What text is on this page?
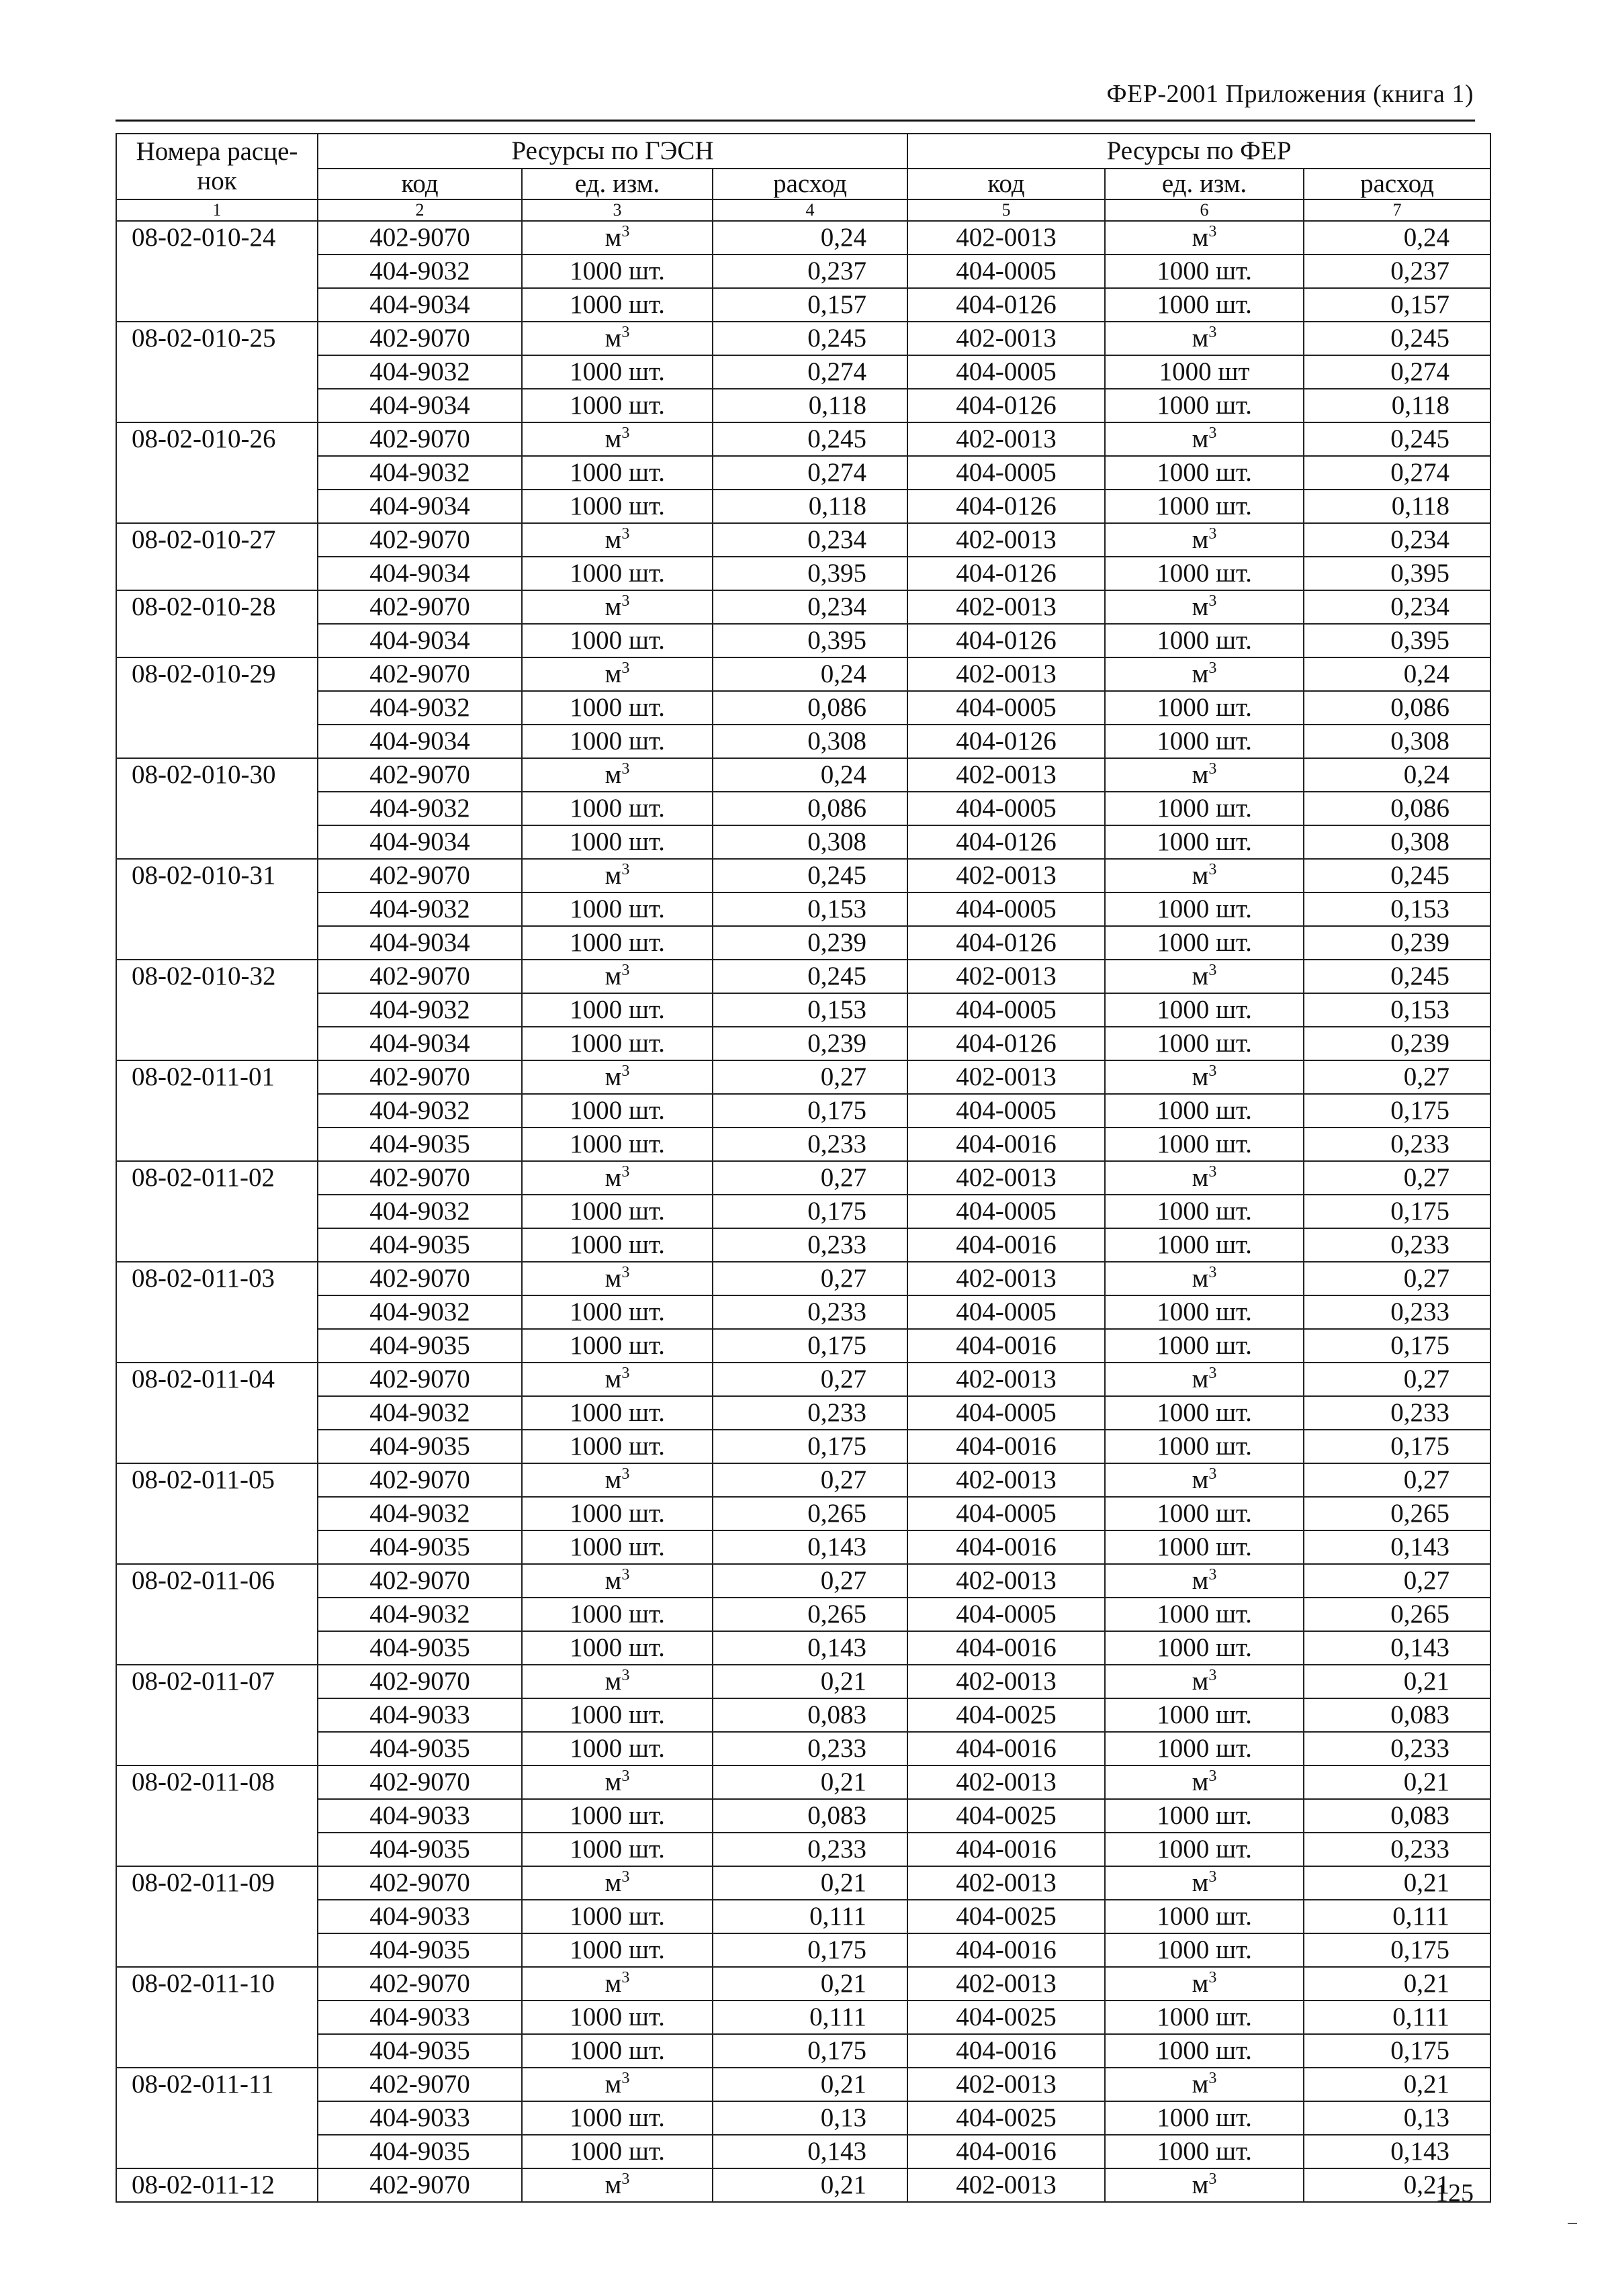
ФЕР-2001 Приложения (книга 1)
Номера расце-
нок	Ресурсы по ГЭСН			Ресурсы по ФЕР		
	код	ед. изм.	расход	код	ед. изм.	расход
1	2	3	4	5	6	7
08-02-010-24	402-9070	$м^3$	0,24	402-0013	$м^3$	0,24
	404-9032	1000 шт.	0,237	404-0005	1000 шт.	0,237
	404-9034	1000 шт.	0,157	404-0126	1000 шт.	0,157
08-02-010-25	402-9070	$м^3$	0,245	402-0013	$м^3$	0,245
	404-9032	1000 шт.	0,274	404-0005	1000 шт	0,274
	404-9034	1000 шт.	0,118	404-0126	1000 шт.	0,118
08-02-010-26	402-9070	$м^3$	0,245	402-0013	$м^3$	0,245
	404-9032	1000 шт.	0,274	404-0005	1000 шт.	0,274
	404-9034	1000 шт.	0,118	404-0126	1000 шт.	0,118
08-02-010-27	402-9070	$м^3$	0,234	402-0013	$м^3$	0,234
	404-9034	1000 шт.	0,395	404-0126	1000 шт.	0,395
08-02-010-28	402-9070	$м^3$	0,234	402-0013	$м^3$	0,234
	404-9034	1000 шт.	0,395	404-0126	1000 шт.	0,395
08-02-010-29	402-9070	$м^3$	0,24	402-0013	$м^3$	0,24
	404-9032	1000 шт.	0,086	404-0005	1000 шт.	0,086
	404-9034	1000 шт.	0,308	404-0126	1000 шт.	0,308
08-02-010-30	402-9070	$м^3$	0,24	402-0013	$м^3$	0,24
	404-9032	1000 шт.	0,086	404-0005	1000 шт.	0,086
	404-9034	1000 шт.	0,308	404-0126	1000 шт.	0,308
08-02-010-31	402-9070	$м^3$	0,245	402-0013	$м^3$	0,245
	404-9032	1000 шт.	0,153	404-0005	1000 шт.	0,153
	404-9034	1000 шт.	0,239	404-0126	1000 шт.	0,239
08-02-010-32	402-9070	$м^3$	0,245	402-0013	$м^3$	0,245
	404-9032	1000 шт.	0,153	404-0005	1000 шт.	0,153
	404-9034	1000 шт.	0,239	404-0126	1000 шт.	0,239
08-02-011-01	402-9070	$м^3$	0,27	402-0013	$м^3$	0,27
	404-9032	1000 шт.	0,175	404-0005	1000 шт.	0,175
	404-9035	1000 шт.	0,233	404-0016	1000 шт.	0,233
08-02-011-02	402-9070	$м^3$	0,27	402-0013	$м^3$	0,27
	404-9032	1000 шт.	0,175	404-0005	1000 шт.	0,175
	404-9035	1000 шт.	0,233	404-0016	1000 шт.	0,233
08-02-011-03	402-9070	$м^3$	0,27	402-0013	$м^3$	0,27
	404-9032	1000 шт.	0,233	404-0005	1000 шт.	0,233
	404-9035	1000 шт.	0,175	404-0016	1000 шт.	0,175
08-02-011-04	402-9070	$м^3$	0,27	402-0013	$м^3$	0,27
	404-9032	1000 шт.	0,233	404-0005	1000 шт.	0,233
	404-9035	1000 шт.	0,175	404-0016	1000 шт.	0,175
08-02-011-05	402-9070	$м^3$	0,27	402-0013	$м^3$	0,27
	404-9032	1000 шт.	0,265	404-0005	1000 шт.	0,265
	404-9035	1000 шт.	0,143	404-0016	1000 шт.	0,143
08-02-011-06	402-9070	$м^3$	0,27	402-0013	$м^3$	0,27
	404-9032	1000 шт.	0,265	404-0005	1000 шт.	0,265
	404-9035	1000 шт.	0,143	404-0016	1000 шт.	0,143
08-02-011-07	402-9070	$м^3$	0,21	402-0013	$м^3$	0,21
	404-9033	1000 шт.	0,083	404-0025	1000 шт.	0,083
	404-9035	1000 шт.	0,233	404-0016	1000 шт.	0,233
08-02-011-08	402-9070	$м^3$	0,21	402-0013	$м^3$	0,21
	404-9033	1000 шт.	0,083	404-0025	1000 шт.	0,083
	404-9035	1000 шт.	0,233	404-0016	1000 шт.	0,233
08-02-011-09	402-9070	$м^3$	0,21	402-0013	$м^3$	0,21
	404-9033	1000 шт.	0,111	404-0025	1000 шт.	0,111
	404-9035	1000 шт.	0,175	404-0016	1000 шт.	0,175
08-02-011-10	402-9070	$м^3$	0,21	402-0013	$м^3$	0,21
	404-9033	1000 шт.	0,111	404-0025	1000 шт.	0,111
	404-9035	1000 шт.	0,175	404-0016	1000 шт.	0,175
08-02-011-11	402-9070	$м^3$	0,21	402-0013	$м^3$	0,21
	404-9033	1000 шт.	0,13	404-0025	1000 шт.	0,13
	404-9035	1000 шт.	0,143	404-0016	1000 шт.	0,143
08-02-011-12	402-9070	$м^3$	0,21	402-0013	$м^3$	0,21
125
